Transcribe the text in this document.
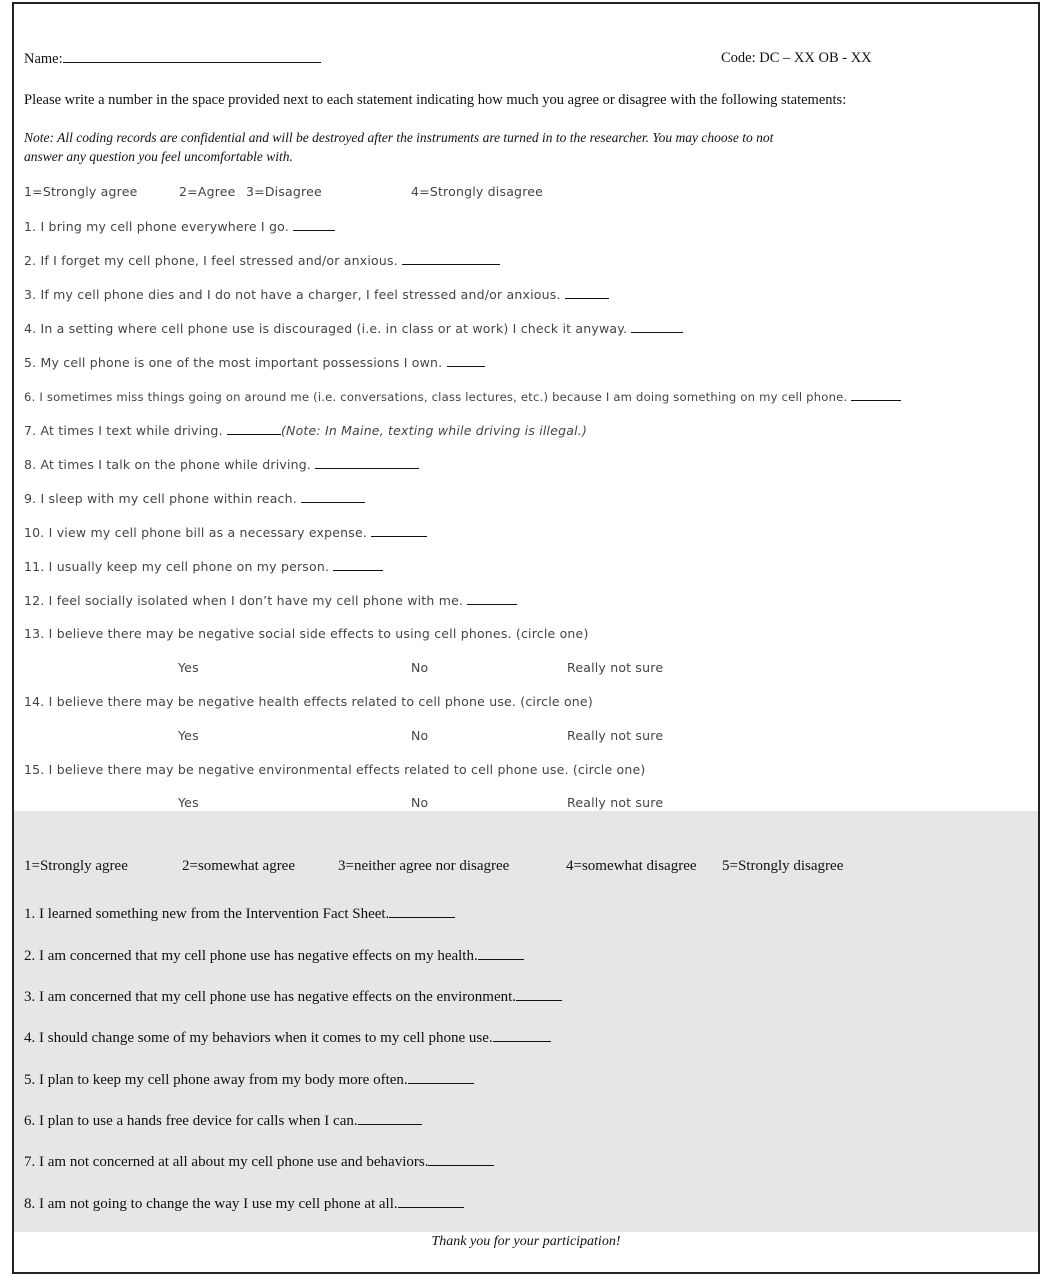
Name:	Code: DC – XX OB - XX
Please write a number in the space provided next to each statement indicating how much you agree or disagree with the following statements:
Note: All coding records are confidential and will be destroyed after the instruments are turned in to the researcher. You may choose to not
answer any question you feel uncomfortable with.
1=Strongly agree	2=Agree 3=Disagree	4=Strongly disagree
1. I bring my cell phone everywhere I go.
2. If I forget my cell phone, I feel stressed and/or anxious.
3. If my cell phone dies and I do not have a charger, I feel stressed and/or anxious.
4. In a setting where cell phone use is discouraged (i.e. in class or at work) I check it anyway.
5. My cell phone is one of the most important possessions I own.
6. I sometimes miss things going on around me (i.e. conversations, class lectures, etc.) because I am doing something on my cell phone.
7. At times I text while driving.	(Note: In Maine, texting while driving is illegal.)
8. At times I talk on the phone while driving.
9. I sleep with my cell phone within reach.
10. I view my cell phone bill as a necessary expense.
11. I usually keep my cell phone on my person.
12. I feel socially isolated when I don’t have my cell phone with me.
13. I believe there may be negative social side effects to using cell phones. (circle one)
Yes	No	Really not sure
14. I believe there may be negative health effects related to cell phone use. (circle one)
Yes	No	Really not sure
15. I believe there may be negative environmental effects related to cell phone use. (circle one)
Yes	No	Really not sure
1=Strongly agree	2=somewhat agree	3=neither agree nor disagree	4=somewhat disagree 5=Strongly disagree
1. I learned something new from the Intervention Fact Sheet.
2. I am concerned that my cell phone use has negative effects on my health.
3. I am concerned that my cell phone use has negative effects on the environment.
4. I should change some of my behaviors when it comes to my cell phone use.
5. I plan to keep my cell phone away from my body more often.
6. I plan to use a hands free device for calls when I can.
7. I am not concerned at all about my cell phone use and behaviors.
8. I am not going to change the way I use my cell phone at all.
Thank you for your participation!
